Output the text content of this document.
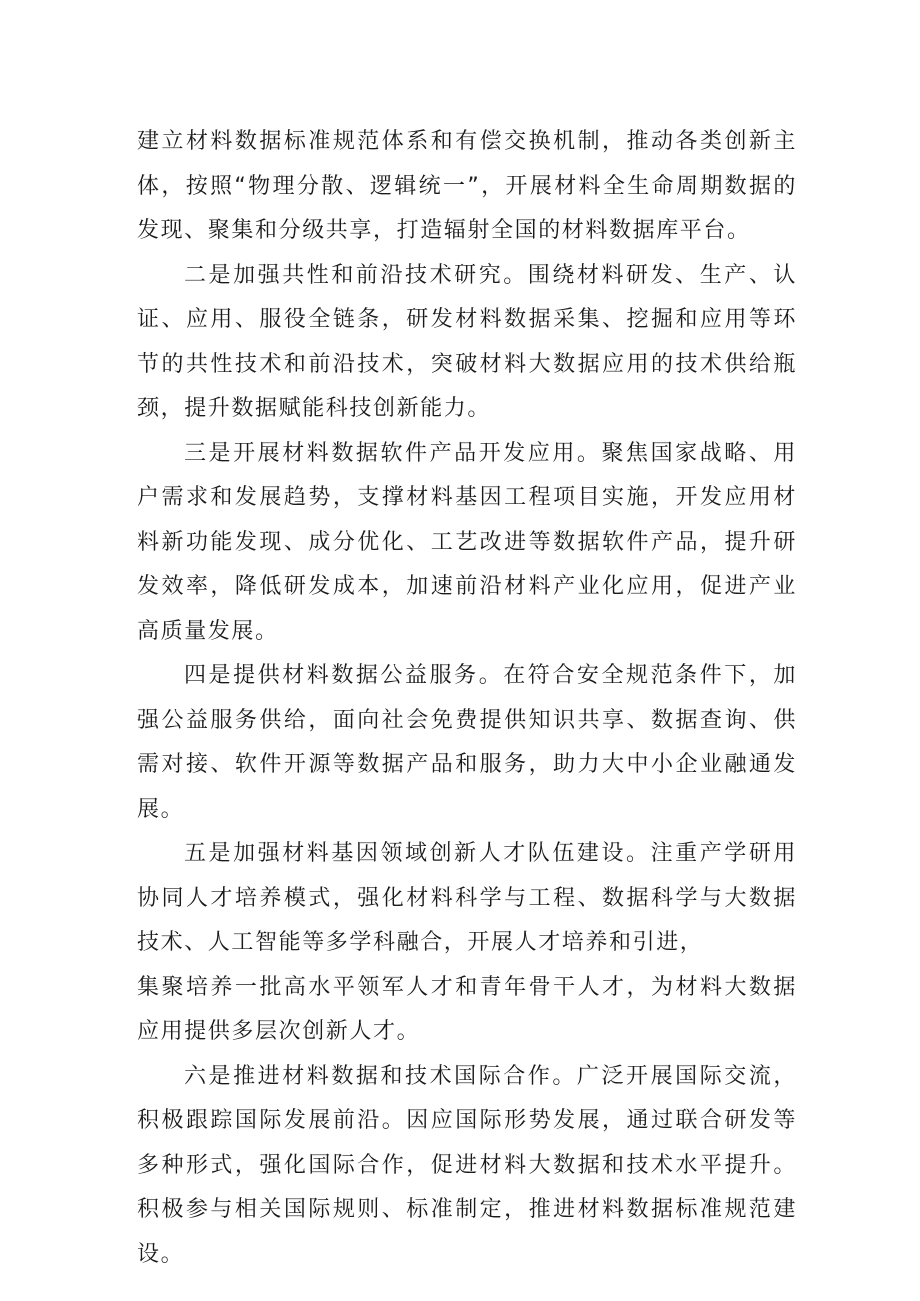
建立材料数据标准规范体系和有偿交换机制，推动各类创新主体，按照“物理分散、逻辑统一”，开展材料全生命周期数据的发现、聚集和分级共享，打造辐射全国的材料数据库平台。

二是加强共性和前沿技术研究。围绕材料研发、生产、认证、应用、服役全链条，研发材料数据采集、挖掘和应用等环节的共性技术和前沿技术，突破材料大数据应用的技术供给瓶颈，提升数据赋能科技创新能力。

三是开展材料数据软件产品开发应用。聚焦国家战略、用户需求和发展趋势，支撑材料基因工程项目实施，开发应用材料新功能发现、成分优化、工艺改进等数据软件产品，提升研发效率，降低研发成本，加速前沿材料产业化应用，促进产业高质量发展。

四是提供材料数据公益服务。在符合安全规范条件下，加强公益服务供给，面向社会免费提供知识共享、数据查询、供需对接、软件开源等数据产品和服务，助力大中小企业融通发展。

五是加强材料基因领域创新人才队伍建设。注重产学研用协同人才培养模式，强化材料科学与工程、数据科学与大数据技术、人工智能等多学科融合，开展人才培养和引进，

集聚培养一批高水平领军人才和青年骨干人才，为材料大数据应用提供多层次创新人才。

六是推进材料数据和技术国际合作。广泛开展国际交流，积极跟踪国际发展前沿。因应国际形势发展，通过联合研发等多种形式，强化国际合作，促进材料大数据和技术水平提升。积极参与相关国际规则、标准制定，推进材料数据标准规范建设。
